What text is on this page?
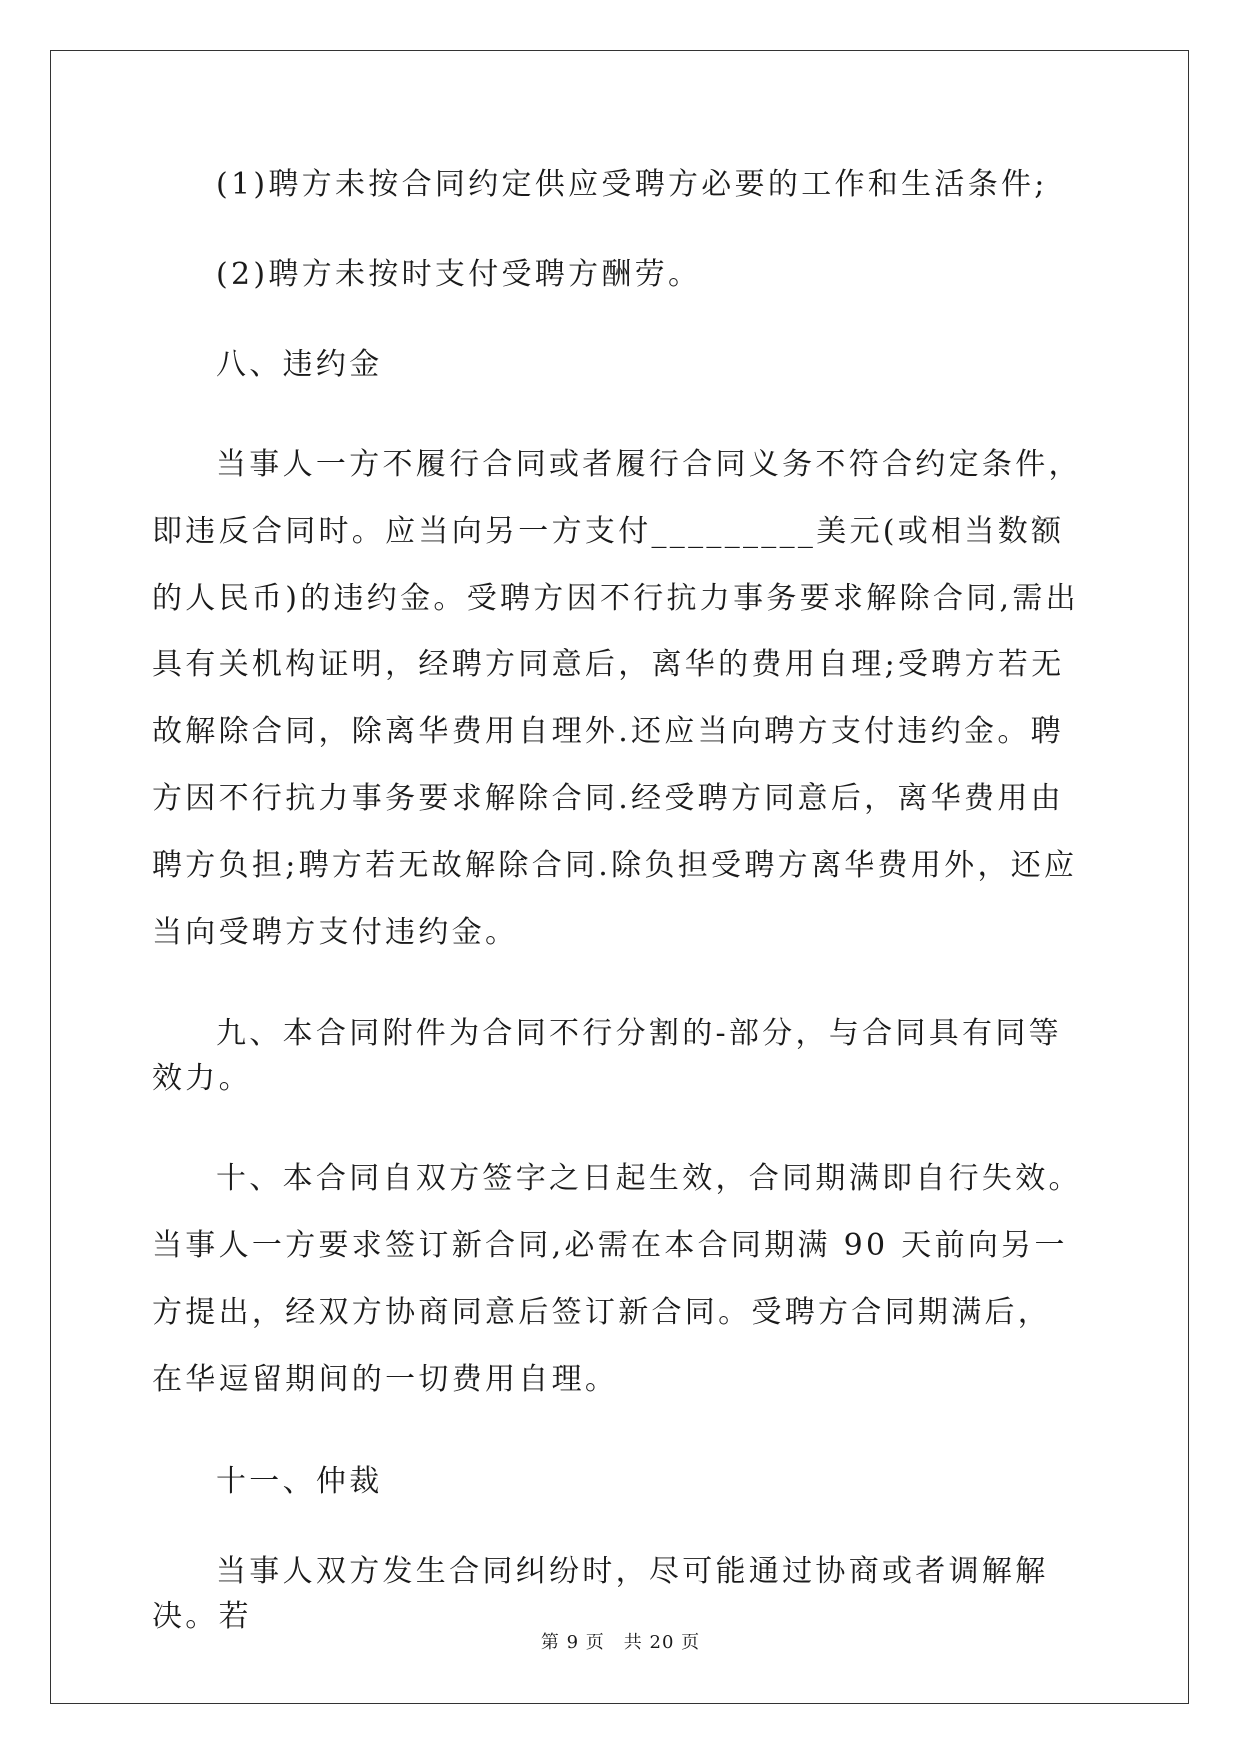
(1)聘方未按合同约定供应受聘方必要的工作和生活条件;

(2)聘方未按时支付受聘方酬劳。

八、违约金

当事人一方不履行合同或者履行合同义务不符合约定条件，即违反合同时。应当向另一方支付_________美元(或相当数额的人民币)的违约金。受聘方因不行抗力事务要求解除合同,需出具有关机构证明，经聘方同意后，离华的费用自理;受聘方若无故解除合同，除离华费用自理外.还应当向聘方支付违约金。聘方因不行抗力事务要求解除合同.经受聘方同意后，离华费用由聘方负担;聘方若无故解除合同.除负担受聘方离华费用外，还应当向受聘方支付违约金。

九、本合同附件为合同不行分割的-部分，与合同具有同等效力。

十、本合同自双方签字之日起生效，合同期满即自行失效。当事人一方要求签订新合同,必需在本合同期满 90 天前向另一方提出，经双方协商同意后签订新合同。受聘方合同期满后，在华逗留期间的一切费用自理。

十一、仲裁

当事人双方发生合同纠纷时，尽可能通过协商或者调解解决。若

第 9 页　共 20 页
